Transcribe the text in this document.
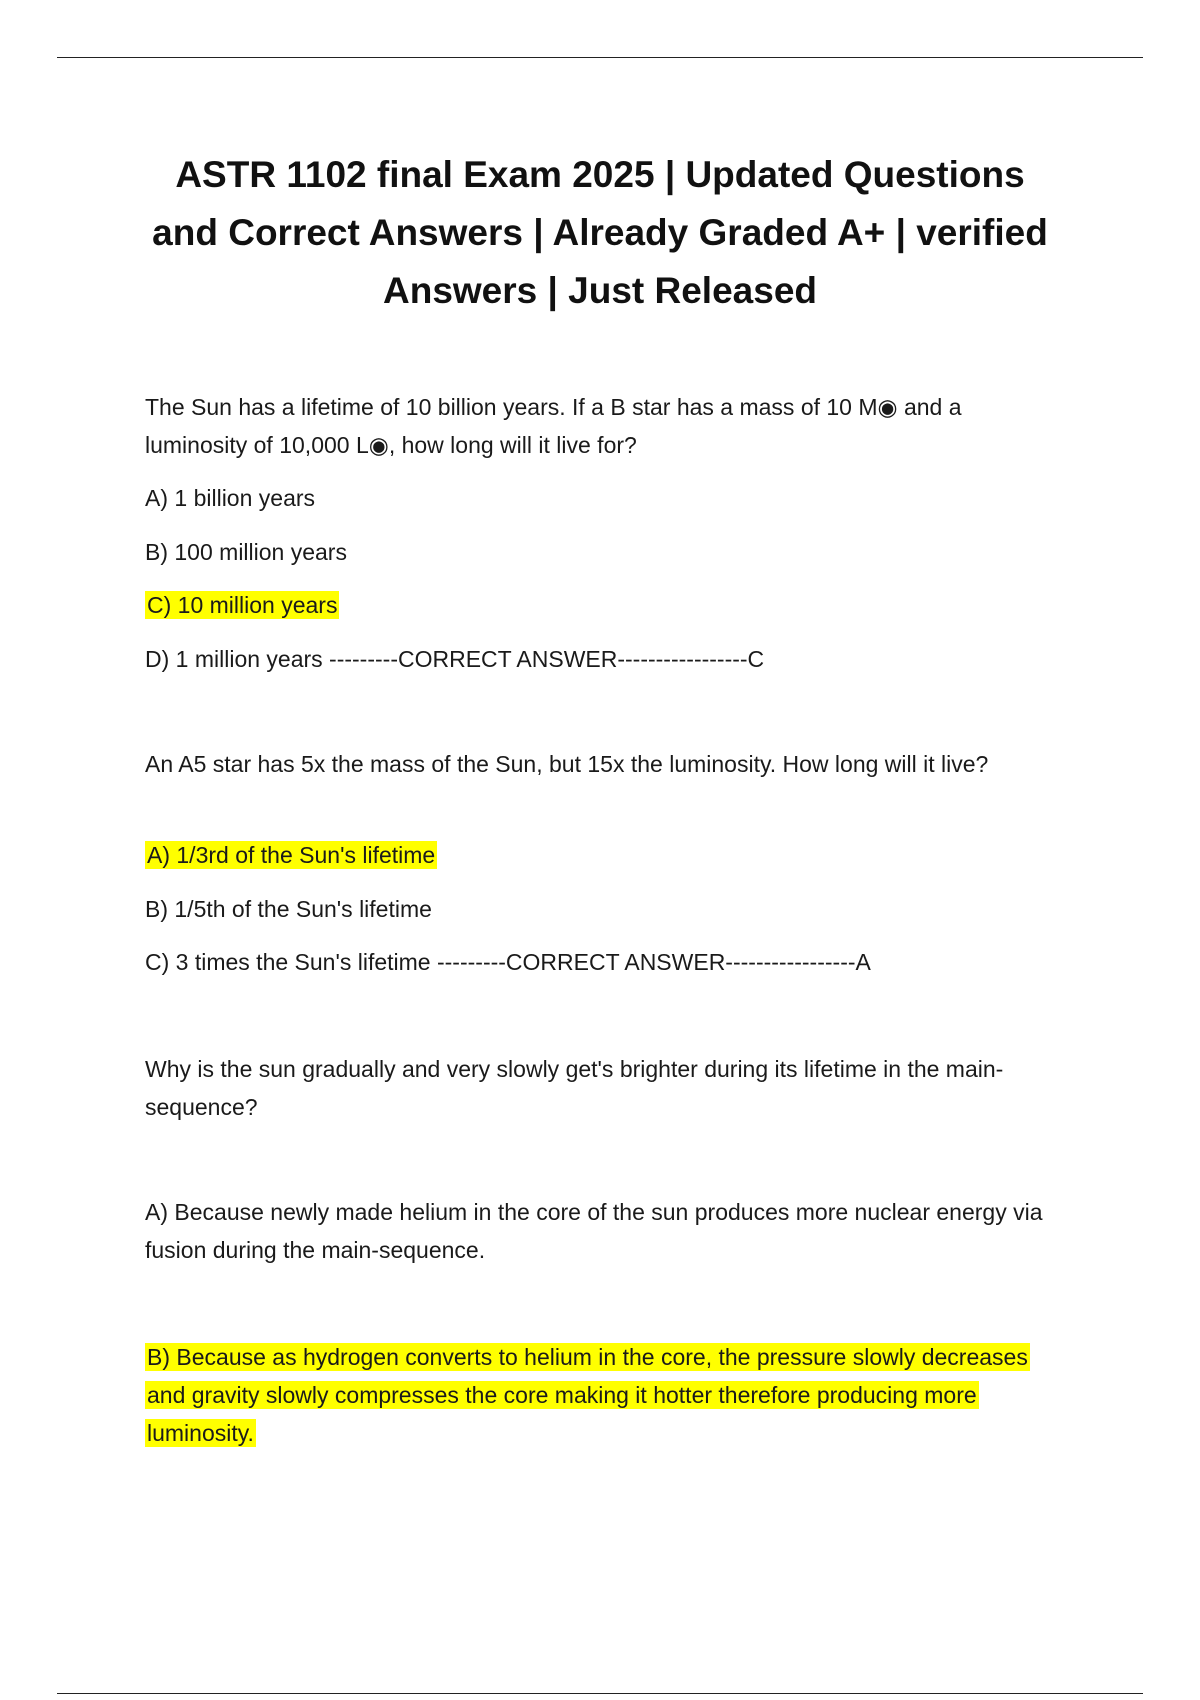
ASTR 1102 final Exam 2025 | Updated Questions and Correct Answers | Already Graded A+ | verified Answers | Just Released

The Sun has a lifetime of 10 billion years. If a B star has a mass of 10 M◉ and a luminosity of 10,000 L◉, how long will it live for?

A) 1 billion years

B) 100 million years

C) 10 million years

D) 1 million years ---------CORRECT ANSWER-----------------C

An A5 star has 5x the mass of the Sun, but 15x the luminosity. How long will it live?

A) 1/3rd of the Sun's lifetime

B) 1/5th of the Sun's lifetime

C) 3 times the Sun's lifetime ---------CORRECT ANSWER-----------------A

Why is the sun gradually and very slowly get's brighter during its lifetime in the main-sequence?

A) Because newly made helium in the core of the sun produces more nuclear energy via fusion during the main-sequence.

B) Because as hydrogen converts to helium in the core, the pressure slowly decreases and gravity slowly compresses the core making it hotter therefore producing more luminosity.
